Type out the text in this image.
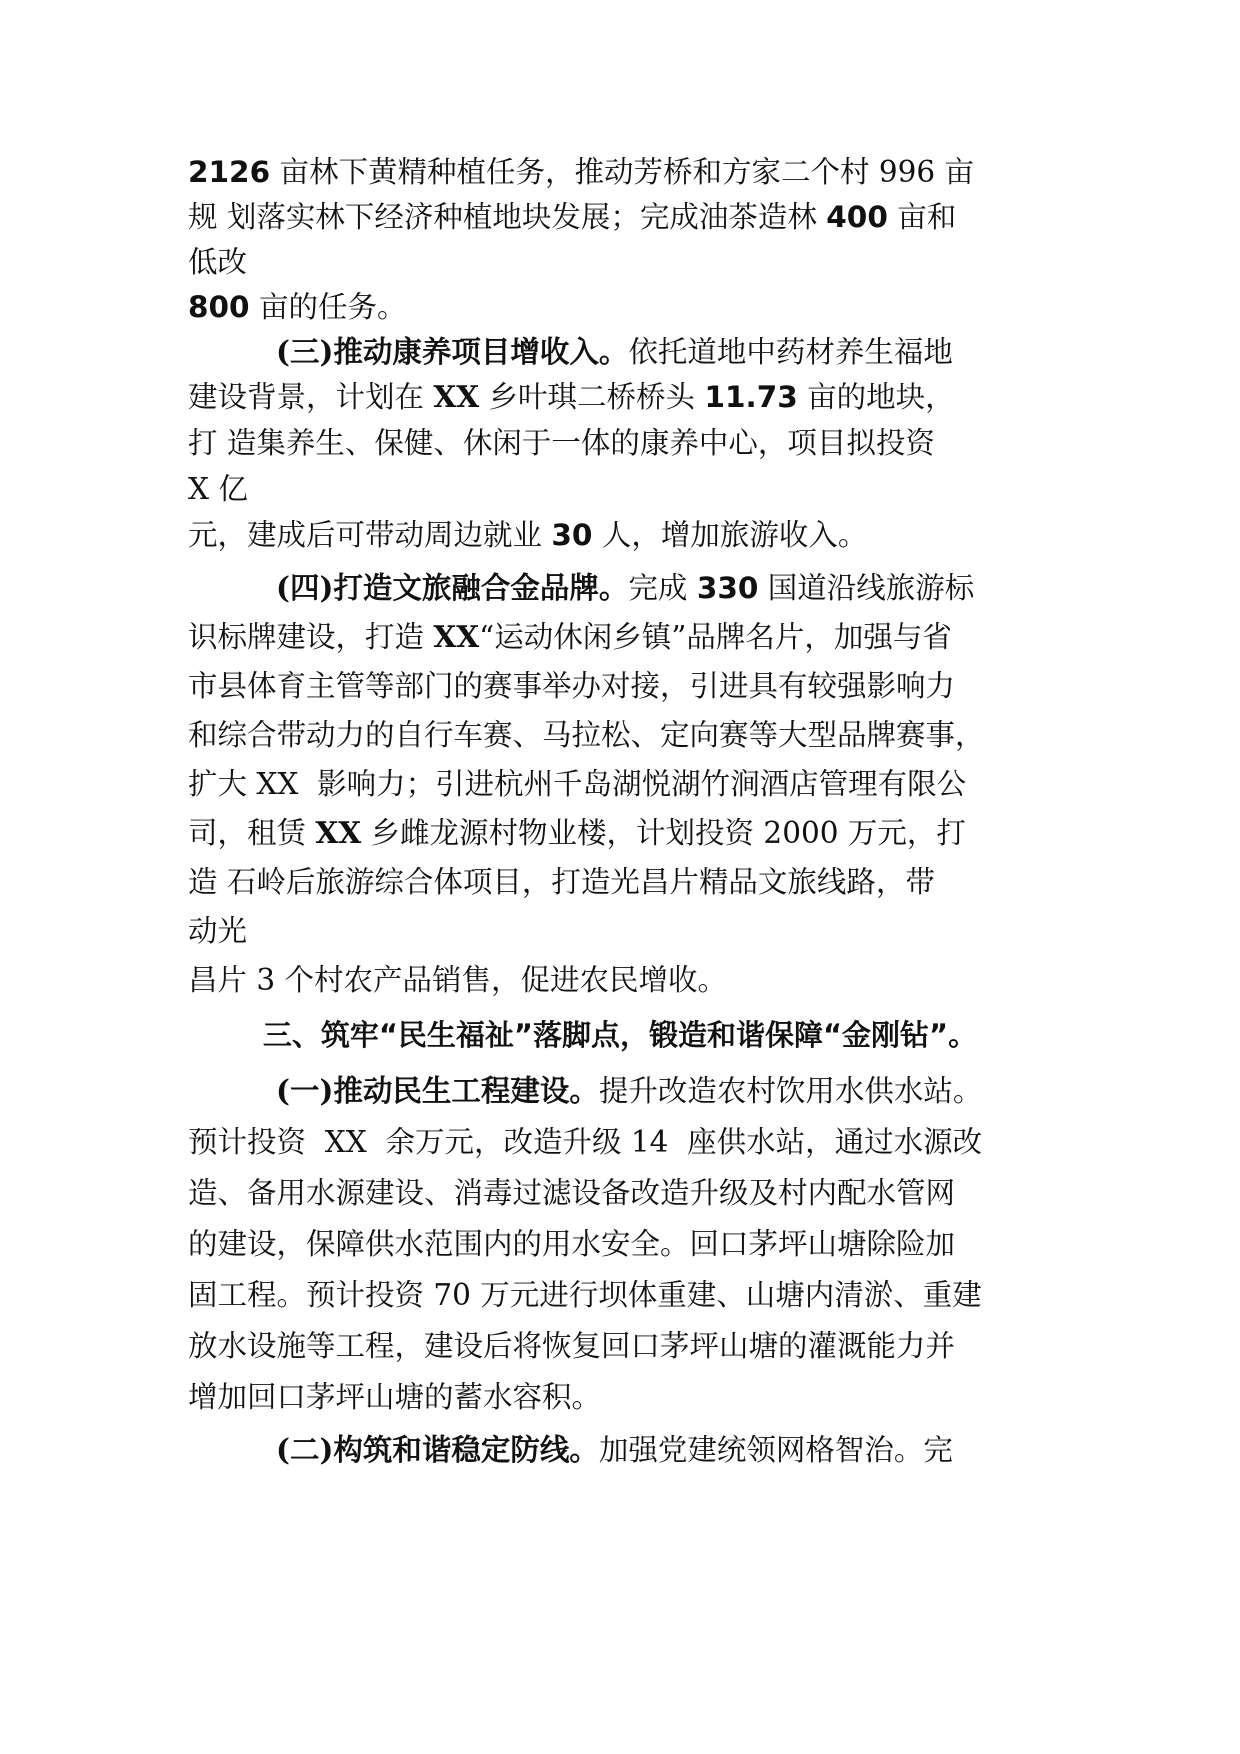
2126 亩林下黄精种植任务，推动芳桥和方家二个村 996 亩
规 划落实林下经济种植地块发展；完成油茶造林 400 亩和
低改
800 亩的任务。
(三)推动康养项目增收入。依托道地中药材养生福地
建设背景，计划在 XX 乡叶琪二桥桥头 11.73 亩的地块，
打 造集养生、保健、休闲于一体的康养中心，项目拟投资
X 亿
元，建成后可带动周边就业 30 人，增加旅游收入。
(四)打造文旅融合金品牌。完成 330 国道沿线旅游标
识标牌建设，打造 XX“运动休闲乡镇”品牌名片，加强与省
市县体育主管等部门的赛事举办对接，引进具有较强影响力
和综合带动力的自行车赛、马拉松、定向赛等大型品牌赛事，
扩大 XX  影响力；引进杭州千岛湖悦湖竹涧酒店管理有限公
司，租赁 XX 乡雌龙源村物业楼，计划投资 2000 万元，打
造 石岭后旅游综合体项目，打造光昌片精品文旅线路，带
动光
昌片 3 个村农产品销售，促进农民增收。
三、筑牢“民生福祉”落脚点，锻造和谐保障“金刚钻”。
(一)推动民生工程建设。提升改造农村饮用水供水站。
预计投资  XX  余万元，改造升级 14  座供水站，通过水源改
造、备用水源建设、消毒过滤设备改造升级及村内配水管网
的建设，保障供水范围内的用水安全。回口茅坪山塘除险加
固工程。预计投资 70 万元进行坝体重建、山塘内清淤、重建
放水设施等工程，建设后将恢复回口茅坪山塘的灌溉能力并
增加回口茅坪山塘的蓄水容积。
(二)构筑和谐稳定防线。加强党建统领网格智治。完
